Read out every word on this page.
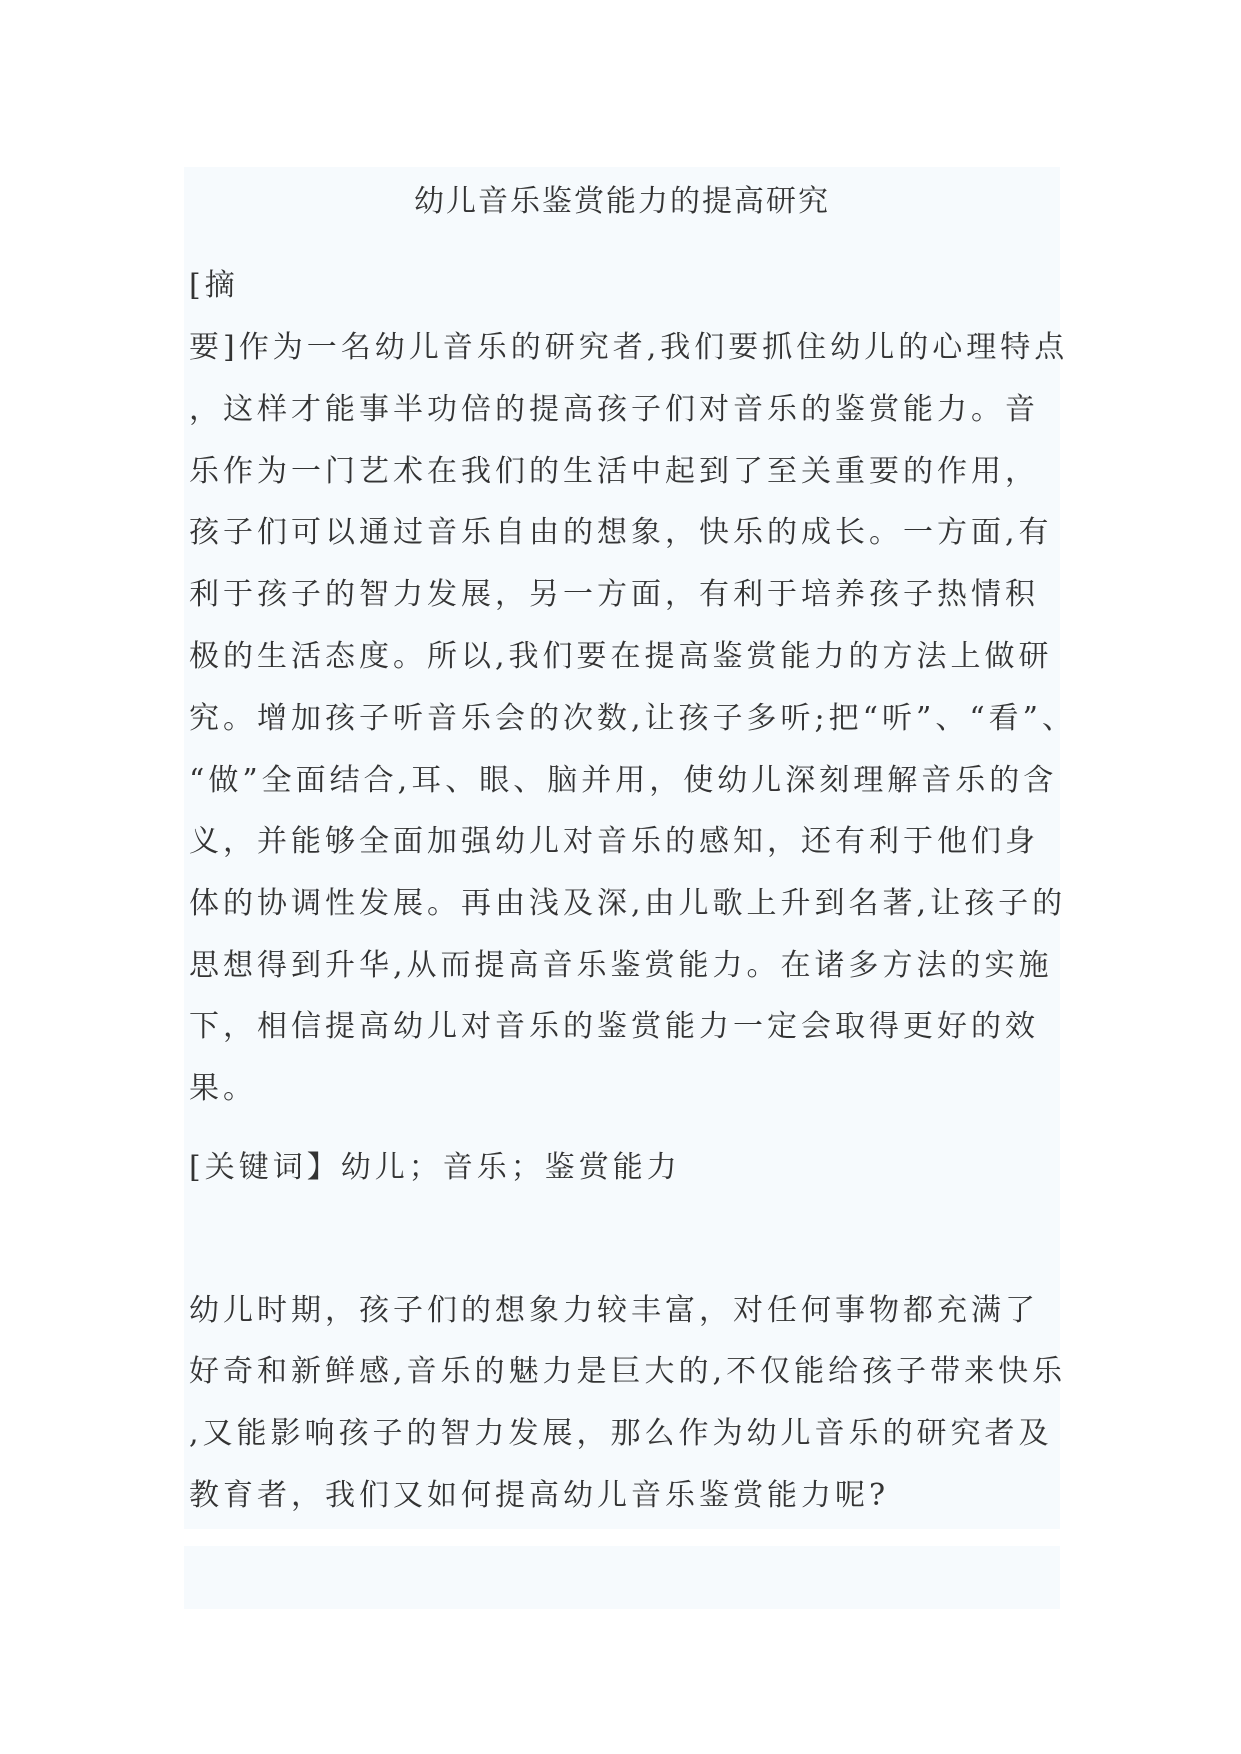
幼儿音乐鉴赏能力的提高研究
[摘
要]作为一名幼儿音乐的研究者,我们要抓住幼儿的心理特点
，这样才能事半功倍的提高孩子们对音乐的鉴赏能力。音
乐作为一门艺术在我们的生活中起到了至关重要的作用，
孩子们可以通过音乐自由的想象，快乐的成长。一方面,有
利于孩子的智力发展，另一方面，有利于培养孩子热情积
极的生活态度。所以,我们要在提高鉴赏能力的方法上做研
究。增加孩子听音乐会的次数,让孩子多听;把“听”、“看”、
“做”全面结合,耳、眼、脑并用，使幼儿深刻理解音乐的含
义，并能够全面加强幼儿对音乐的感知，还有利于他们身
体的协调性发展。再由浅及深,由儿歌上升到名著,让孩子的
思想得到升华,从而提高音乐鉴赏能力。在诸多方法的实施
下，相信提高幼儿对音乐的鉴赏能力一定会取得更好的效
果。
[关键词】幼儿；音乐；鉴赏能力
幼儿时期，孩子们的想象力较丰富，对任何事物都充满了
好奇和新鲜感,音乐的魅力是巨大的,不仅能给孩子带来快乐
,又能影响孩子的智力发展，那么作为幼儿音乐的研究者及
教育者，我们又如何提高幼儿音乐鉴赏能力呢?
